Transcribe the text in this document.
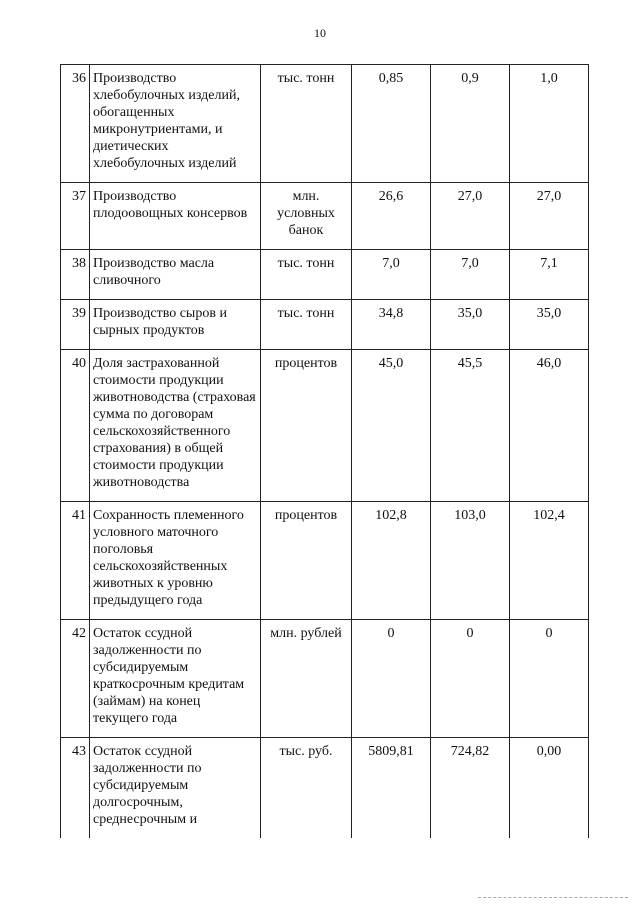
10
36	Производство хлебобулочных изделий, обогащенных микронутриентами, и диетических хлебобулочных изделий	тыс. тонн	0,85	0,9	1,0
37	Производство плодоовощных консервов	млн. условных банок	26,6	27,0	27,0
38	Производство масла сливочного	тыс. тонн	7,0	7,0	7,1
39	Производство сыров и сырных продуктов	тыс. тонн	34,8	35,0	35,0
40	Доля застрахованной стоимости продукции животноводства (страховая сумма по договорам сельскохозяйственного страхования) в общей стоимости продукции животноводства	процентов	45,0	45,5	46,0
41	Сохранность племенного условного маточного поголовья сельскохозяйственных животных к уровню предыдущего года	процентов	102,8	103,0	102,4
42	Остаток ссудной задолженности по субсидируемым краткосрочным кредитам (займам) на конец текущего года	млн. рублей	0	0	0
43	Остаток ссудной задолженности по субсидируемым долгосрочным, среднесрочным и	тыс. руб.	5809,81	724,82	0,00
